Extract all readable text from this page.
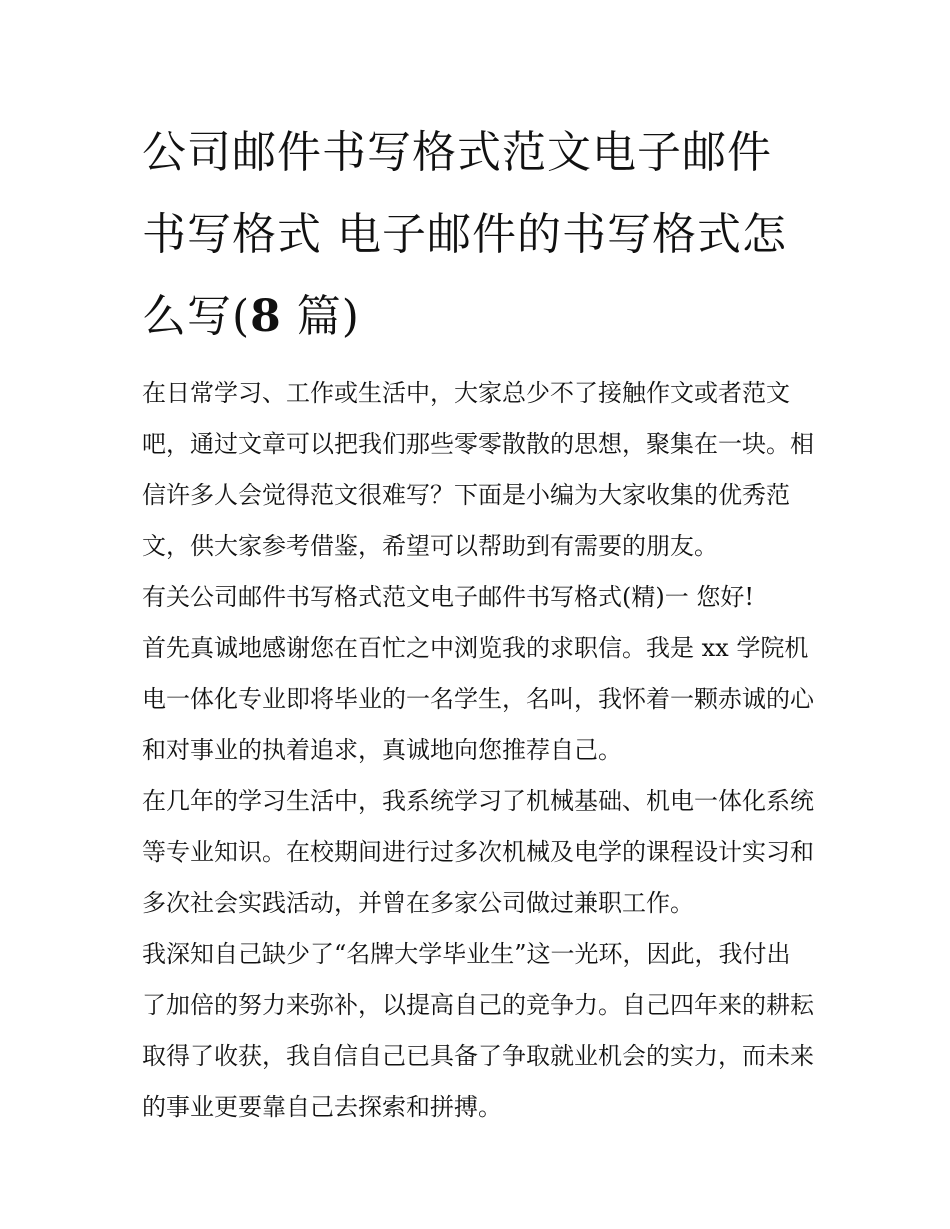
公司邮件书写格式范文电子邮件书写格式 电子邮件的书写格式怎么写(8 篇)

在日常学习、工作或生活中，大家总少不了接触作文或者范文吧，通过文章可以把我们那些零零散散的思想，聚集在一块。相信许多人会觉得范文很难写？下面是小编为大家收集的优秀范文，供大家参考借鉴，希望可以帮助到有需要的朋友。

有关公司邮件书写格式范文电子邮件书写格式(精)一 您好!

首先真诚地感谢您在百忙之中浏览我的求职信。我是 xx 学院机电一体化专业即将毕业的一名学生，名叫，我怀着一颗赤诚的心和对事业的执着追求，真诚地向您推荐自己。

在几年的学习生活中，我系统学习了机械基础、机电一体化系统等专业知识。在校期间进行过多次机械及电学的课程设计实习和多次社会实践活动，并曾在多家公司做过兼职工作。

我深知自己缺少了“名牌大学毕业生”这一光环，因此，我付出了加倍的努力来弥补，以提高自己的竞争力。自己四年来的耕耘取得了收获，我自信自己已具备了争取就业机会的实力，而未来的事业更要靠自己去探索和拼搏。
